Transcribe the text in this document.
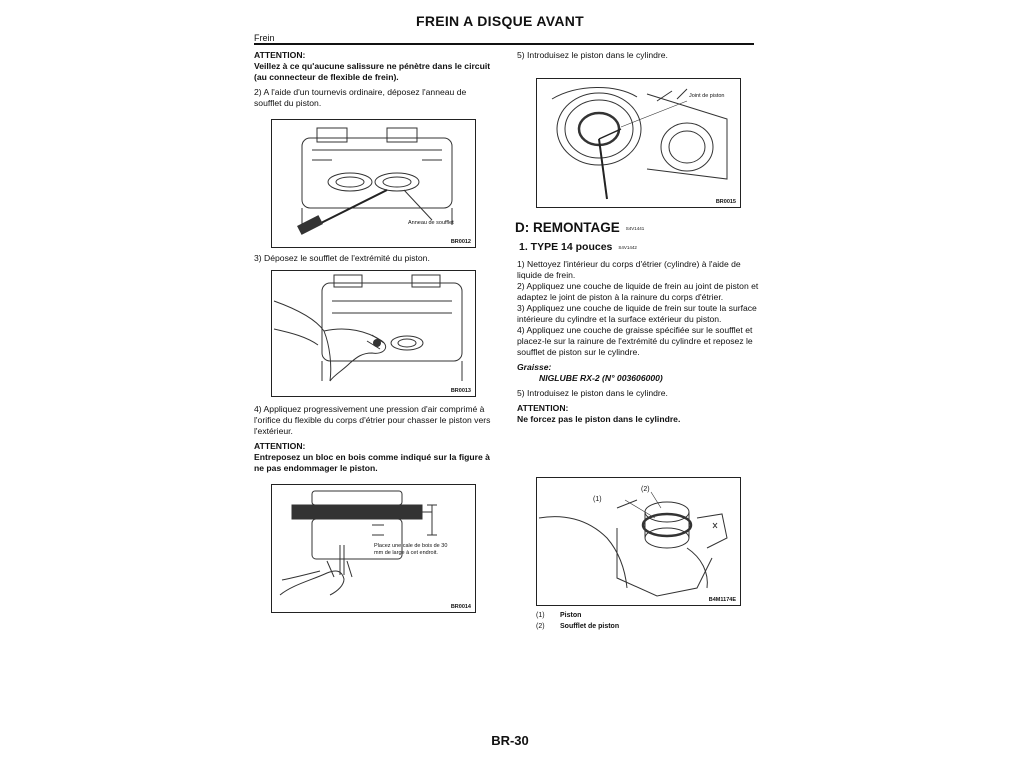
FREIN A DISQUE AVANT
Frein

ATTENTION:
Veillez à ce qu'aucune salissure ne pénètre dans le circuit (au connecteur de flexible de frein).

2) A l'aide d'un tournevis ordinaire, déposez l'anneau de soufflet du piston.

Anneau de soufflet
BR0012
3) Déposez le soufflet de l'extrémité du piston.
BR0013

4) Appliquez progressivement une pression d'air comprimé à l'orifice du flexible du corps d'étrier pour chasser le piston vers l'extérieur.

ATTENTION:
Entreposez un bloc en bois comme indiqué sur la figure à ne pas endommager le piston.

Placez une cale de bois de 30 mm de large à cet endroit.
BR0014
5) Introduisez le piston dans le cylindre.
Joint de piston
BR0015
D: REMONTAGE S4V1441
1. TYPE 14 pouces S4V1442

1) Nettoyez l'intérieur du corps d'étrier (cylindre) à l'aide de liquide de frein.

2) Appliquez une couche de liquide de frein au joint de piston et adaptez le joint de piston à la rainure du corps d'étrier.

3) Appliquez une couche de liquide de frein sur toute la surface intérieure du cylindre et la surface extérieur du piston.

4) Appliquez une couche de graisse spécifiée sur le soufflet et placez-le sur la rainure de l'extrémité du cylindre et reposez le soufflet de piston sur le cylindre.

Graisse:

NIGLUBE RX-2 (N° 003606000)

5) Introduisez le piston dans le cylindre.

ATTENTION:
Ne forcez pas le piston dans le cylindre.

(1)
(2)
B4M1174E
(1) Piston
(2) Soufflet de piston
BR-30
